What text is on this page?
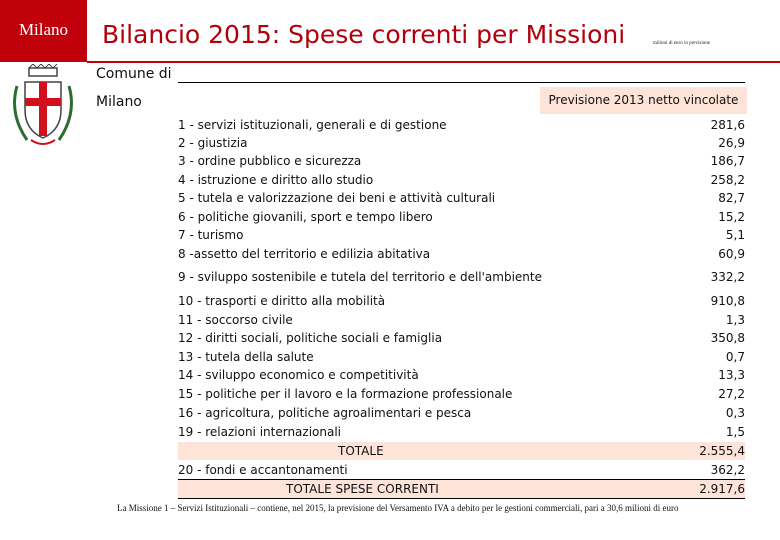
Milano	Bilancio 2015: Spese correnti per Missioni	milioni di euro in previsione
Comune di
Milano	Previsione 2013 netto vincolate
1 - servizi istituzionali, generali e di gestione	281,6
2 - giustizia	26,9
3 - ordine pubblico e sicurezza	186,7
4 - istruzione e diritto allo studio	258,2
5 - tutela e valorizzazione dei beni e attività culturali	82,7
6 - politiche giovanili, sport e tempo libero	15,2
7 - turismo	5,1
8 -assetto del territorio e edilizia abitativa	60,9
9 - sviluppo sostenibile e tutela del territorio e dell'ambiente	332,2
10 - trasporti e diritto alla mobilità	910,8
11 - soccorso civile	1,3
12 - diritti sociali, politiche sociali e famiglia	350,8
13 - tutela della salute	0,7
14 - sviluppo economico e competitività	13,3
15 - politiche per il lavoro e la formazione professionale	27,2
16 - agricoltura, politiche agroalimentari e pesca	0,3
19 - relazioni internazionali	1,5
TOTALE	2.555,4
20 - fondi e accantonamenti	362,2
TOTALE SPESE CORRENTI	2.917,6
La Missione 1 – Servizi Istituzionali – contiene, nel 2015, la previsione del Versamento IVA a debito per le gestioni commerciali, pari a 30,6 milioni di euro
